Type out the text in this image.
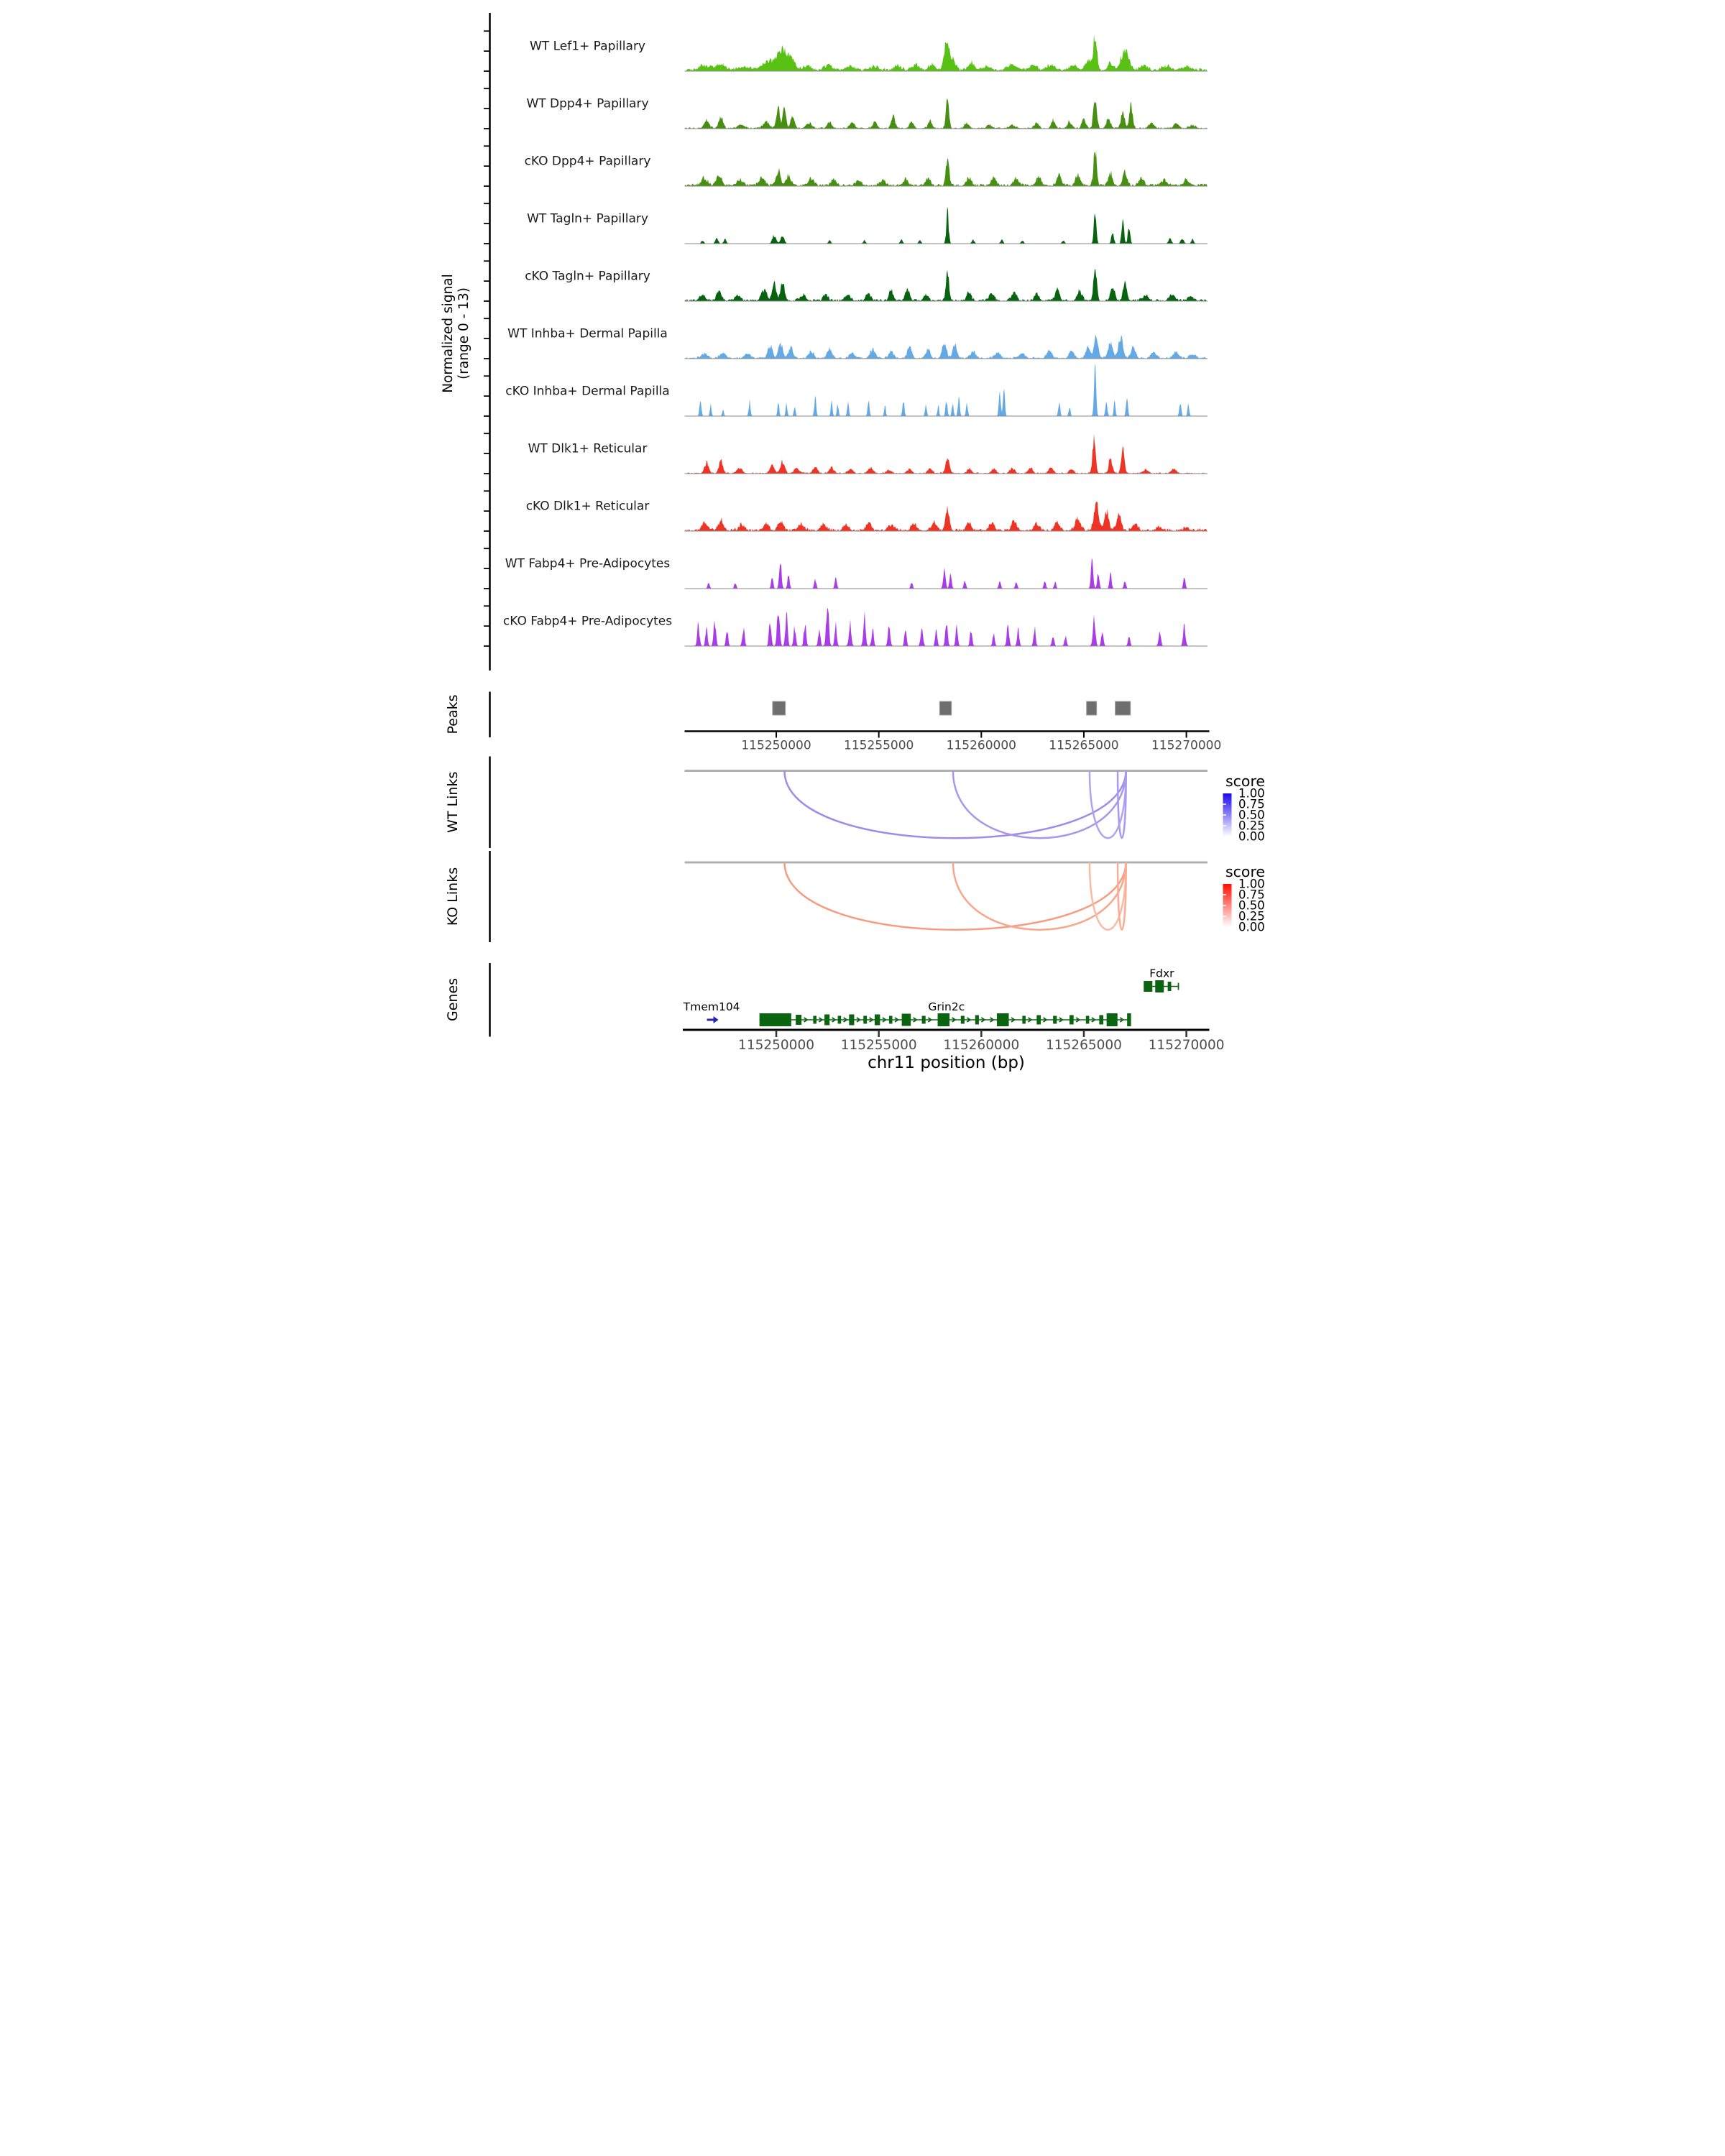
Normalized signal (range 0 - 13)
WT Lef1+ Papillary
WT Dpp4+ Papillary
cKO Dpp4+ Papillary
WT Tagln+ Papillary
cKO Tagln+ Papillary
WT Inhba+ Dermal Papilla
cKO Inhba+ Dermal Papilla
WT Dlk1+ Reticular
cKO Dlk1+ Reticular
WT Fabp4+ Pre-Adipocytes
cKO Fabp4+ Pre-Adipocytes
Peaks
115250000 115255000 115260000 115265000 115270000
WT Links
KO Links
score
1.00
0.75
0.50
0.25
0.00
score
1.00
0.75
0.50
0.25
0.00
Genes
Fdxr
Tmem104	Grin2c
115250000 115255000 115260000 115265000 115270000
chr11 position (bp)
